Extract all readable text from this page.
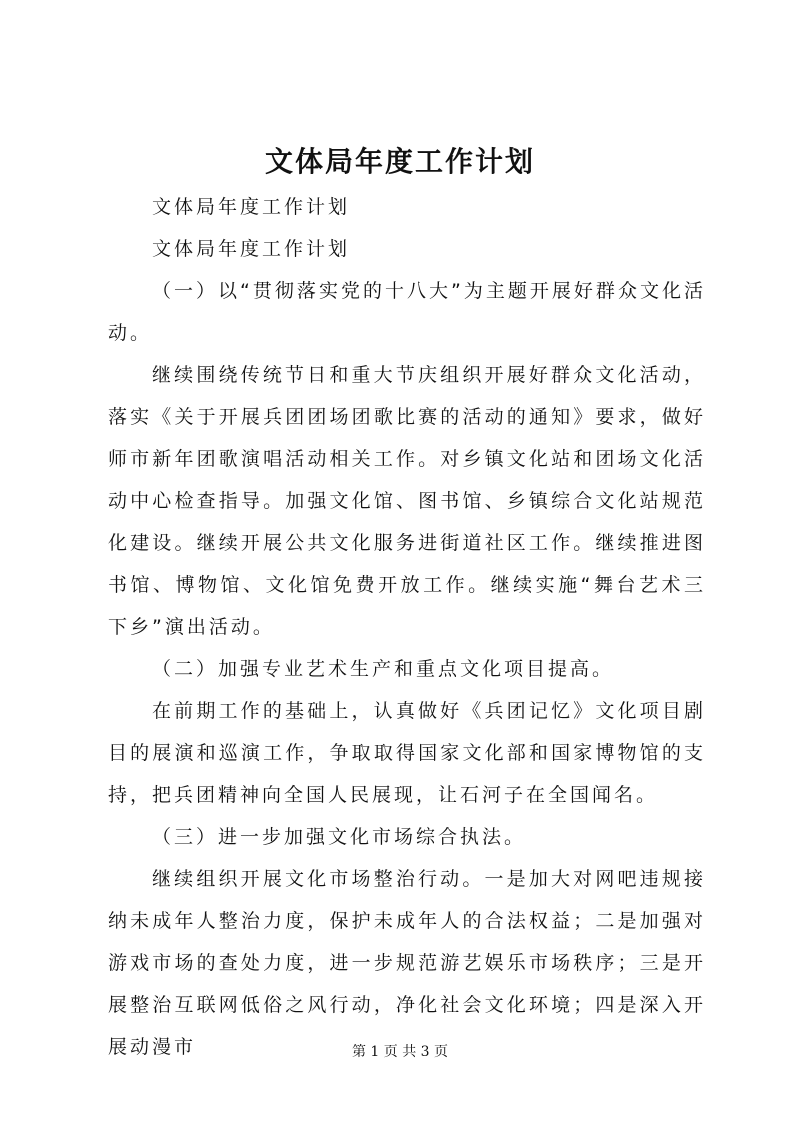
文体局年度工作计划

文体局年度工作计划

文体局年度工作计划

（一）以“贯彻落实党的十八大”为主题开展好群众文化活动。

继续围绕传统节日和重大节庆组织开展好群众文化活动，落实《关于开展兵团团场团歌比赛的活动的通知》要求，做好师市新年团歌演唱活动相关工作。对乡镇文化站和团场文化活动中心检查指导。加强文化馆、图书馆、乡镇综合文化站规范化建设。继续开展公共文化服务进街道社区工作。继续推进图书馆、博物馆、文化馆免费开放工作。继续实施“舞台艺术三下乡”演出活动。

（二）加强专业艺术生产和重点文化项目提高。

在前期工作的基础上，认真做好《兵团记忆》文化项目剧目的展演和巡演工作，争取取得国家文化部和国家博物馆的支持，把兵团精神向全国人民展现，让石河子在全国闻名。

（三）进一步加强文化市场综合执法。

继续组织开展文化市场整治行动。一是加大对网吧违规接纳未成年人整治力度，保护未成年人的合法权益；二是加强对游戏市场的查处力度，进一步规范游艺娱乐市场秩序；三是开展整治互联网低俗之风行动，净化社会文化环境；四是深入开展动漫市	第 1 页 共 3 页
